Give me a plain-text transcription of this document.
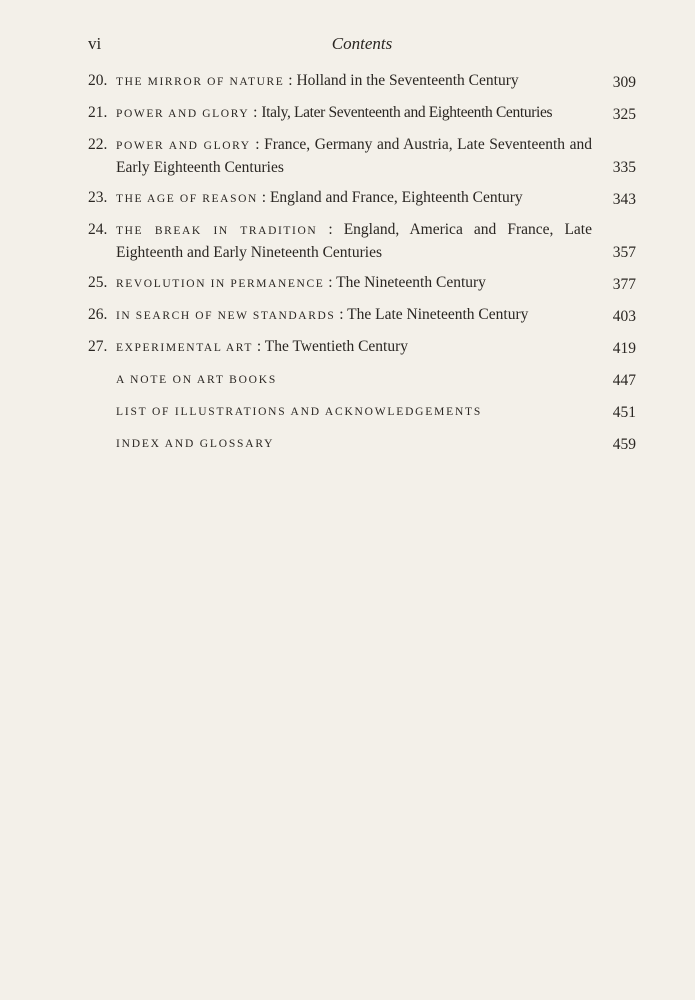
vi	Contents
20. THE MIRROR OF NATURE : Holland in the Seventeenth Century	309
21. POWER AND GLORY : Italy, Later Seventeenth and Eighteenth Centuries	325
22. POWER AND GLORY : France, Germany and Austria, Late Seventeenth and Early Eighteenth Centuries	335
23. THE AGE OF REASON : England and France, Eighteenth Century	343
24. THE BREAK IN TRADITION : England, America and France, Late Eighteenth and Early Nineteenth Centuries	357
25. REVOLUTION IN PERMANENCE : The Nineteenth Century	377
26. IN SEARCH OF NEW STANDARDS : The Late Nineteenth Century	403
27. EXPERIMENTAL ART : The Twentieth Century	419
A NOTE ON ART BOOKS	447
LIST OF ILLUSTRATIONS AND ACKNOWLEDGEMENTS	451
INDEX AND GLOSSARY	459
